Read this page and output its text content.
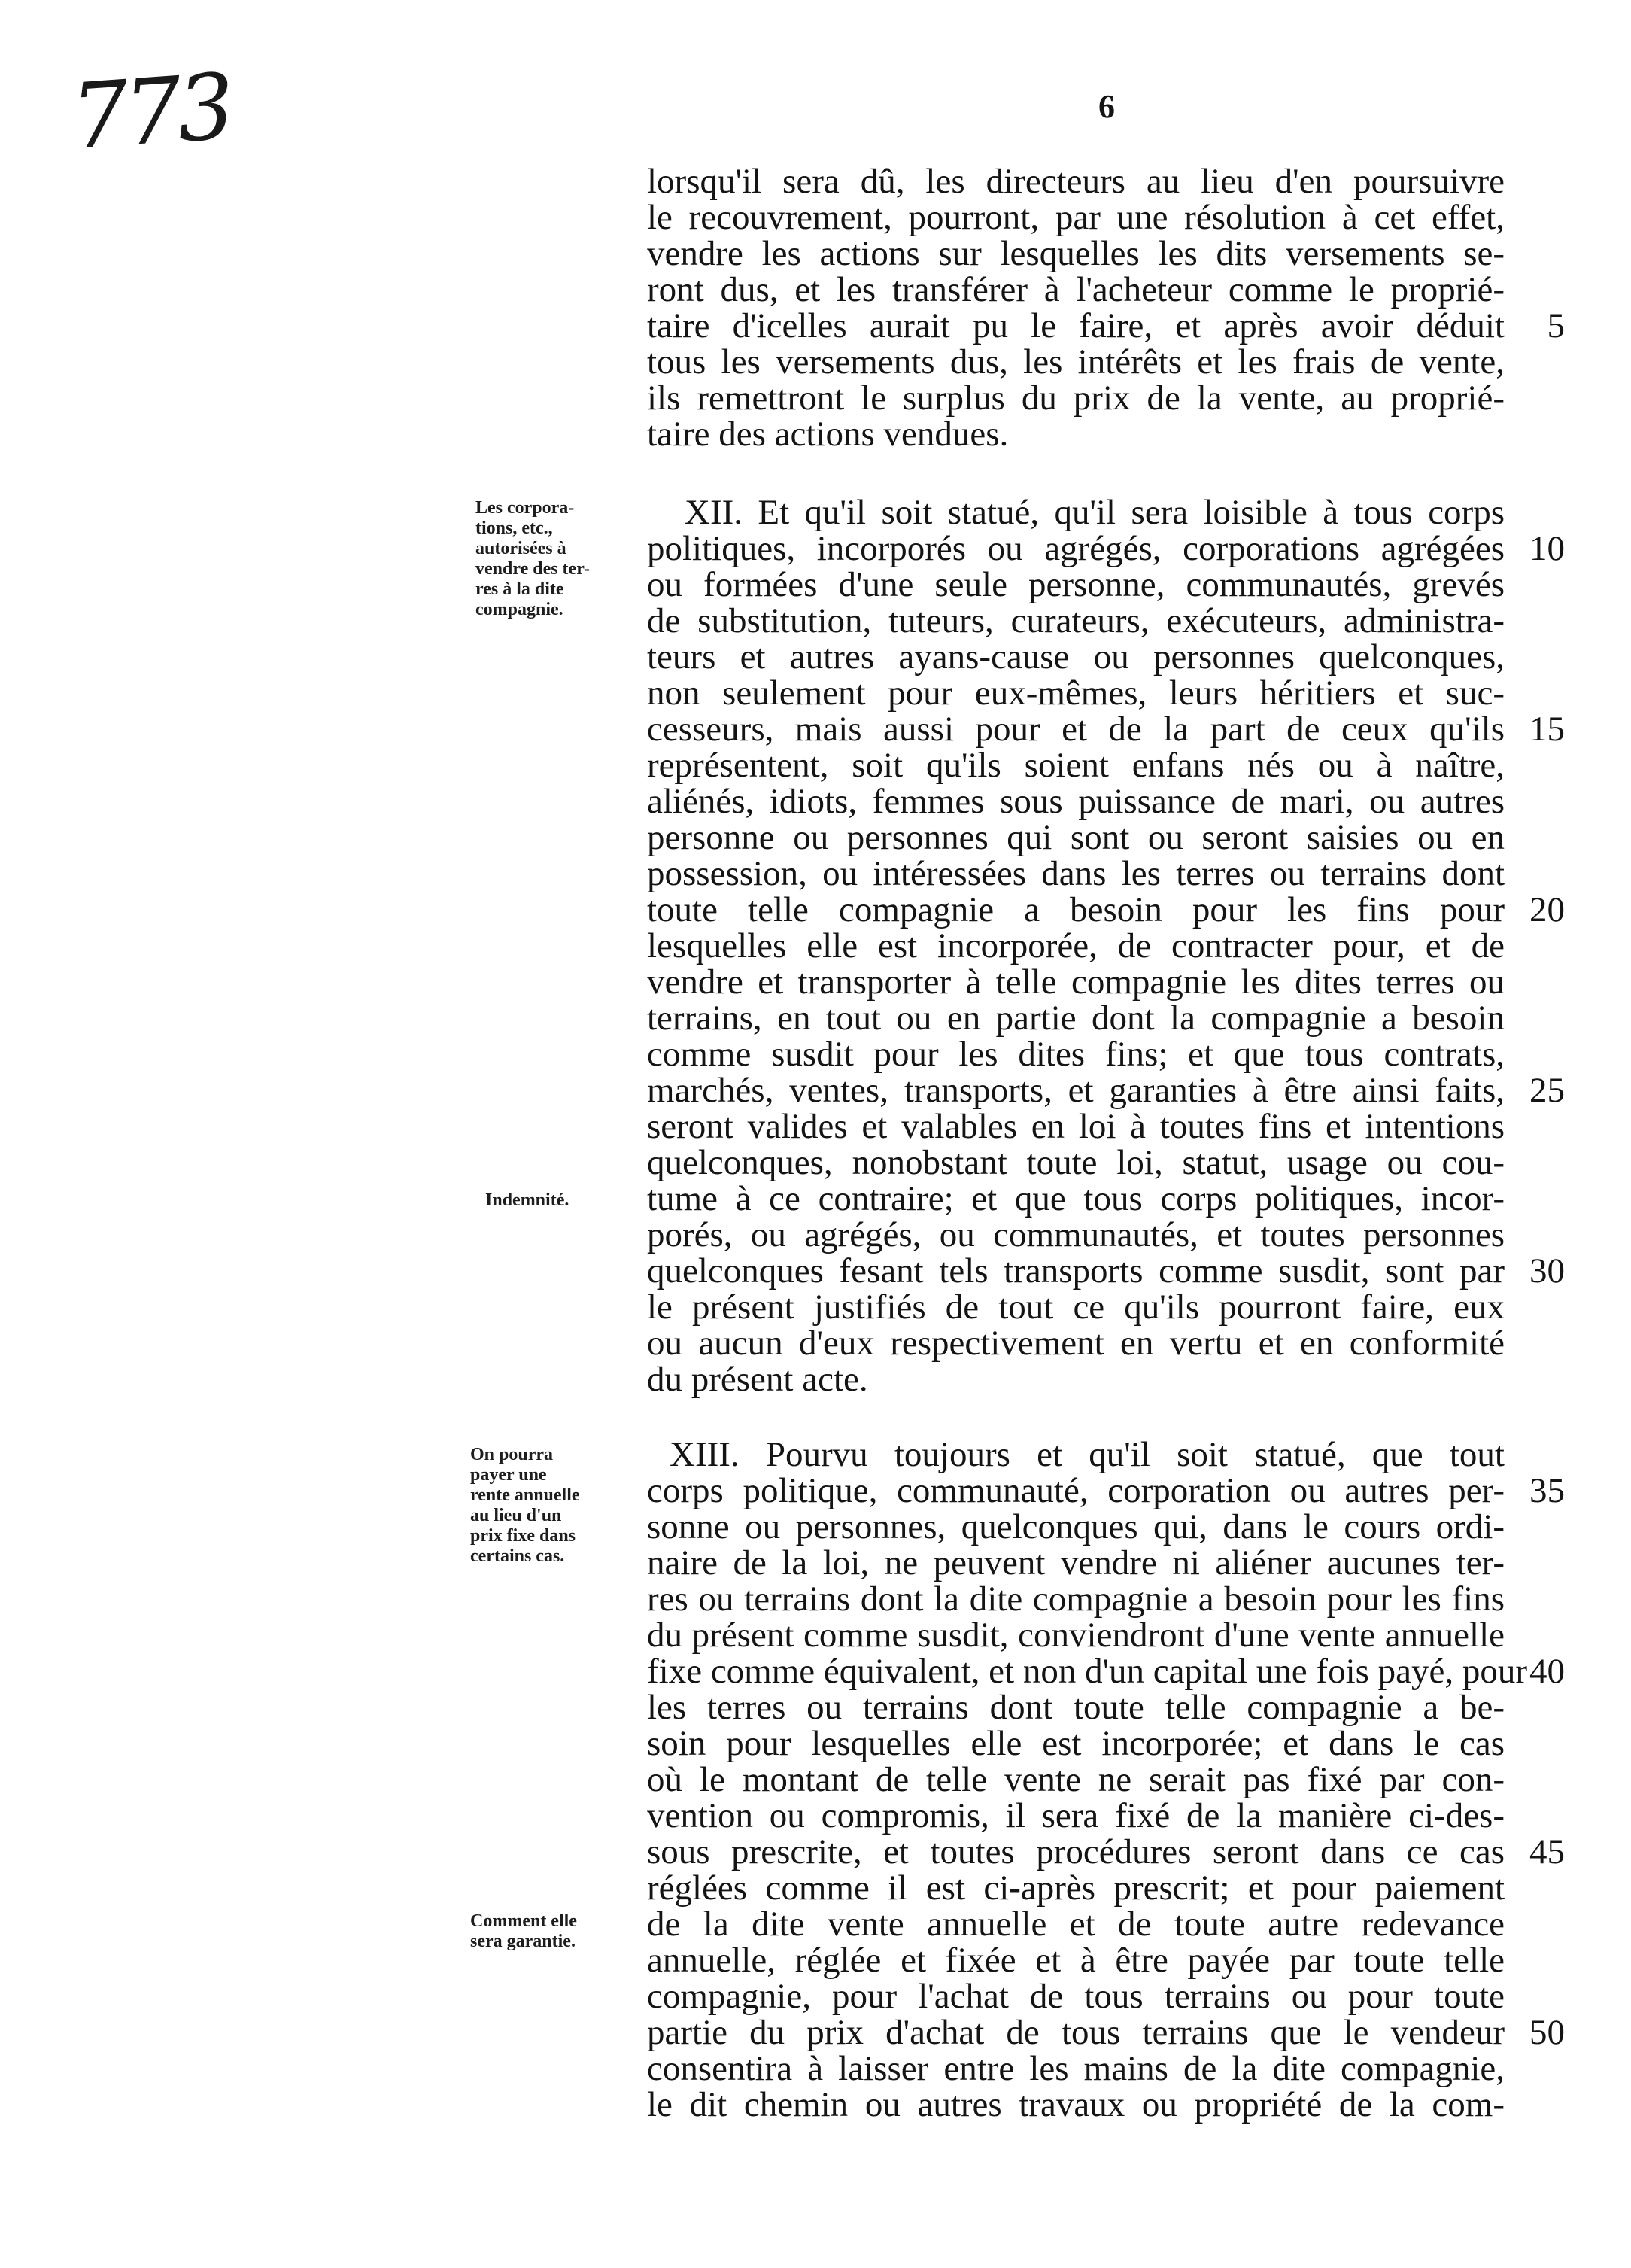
773	6
lorsqu'il sera dû, les directeurs au lieu d'en poursuivre
le recouvrement, pourront, par une résolution à cet effet,
vendre les actions sur lesquelles les dits versements se-
ront dus, et les transférer à l'acheteur comme le proprié-
taire d'icelles aurait pu le faire, et après avoir déduit
tous les versements dus, les intérêts et les frais de vente,
ils remettront le surplus du prix de la vente, au proprié-
taire des actions vendues.
XII. Et qu'il soit statué, qu'il sera loisible à tous corps
politiques, incorporés ou agrégés, corporations agrégées
ou formées d'une seule personne, communautés, grevés
de substitution, tuteurs, curateurs, exécuteurs, administra-
teurs et autres ayans-cause ou personnes quelconques,
non seulement pour eux-mêmes, leurs héritiers et suc-
cesseurs, mais aussi pour et de la part de ceux qu'ils
représentent, soit qu'ils soient enfans nés ou à naître,
aliénés, idiots, femmes sous puissance de mari, ou autres
personne ou personnes qui sont ou seront saisies ou en
possession, ou intéressées dans les terres ou terrains dont
toute telle compagnie a besoin pour les fins pour
lesquelles elle est incorporée, de contracter pour, et de
vendre et transporter à telle compagnie les dites terres ou
terrains, en tout ou en partie dont la compagnie a besoin
comme susdit pour les dites fins; et que tous contrats,
marchés, ventes, transports, et garanties à être ainsi faits,
seront valides et valables en loi à toutes fins et intentions
quelconques, nonobstant toute loi, statut, usage ou cou-
tume à ce contraire; et que tous corps politiques, incor-
porés, ou agrégés, ou communautés, et toutes personnes
quelconques fesant tels transports comme susdit, sont par
le présent justifiés de tout ce qu'ils pourront faire, eux
ou aucun d'eux respectivement en vertu et en conformité
du présent acte.
XIII. Pourvu toujours et qu'il soit statué, que tout
corps politique, communauté, corporation ou autres per-
sonne ou personnes, quelconques qui, dans le cours ordi-
naire de la loi, ne peuvent vendre ni aliéner aucunes ter-
res ou terrains dont la dite compagnie a besoin pour les fins
du présent comme susdit, conviendront d'une vente annuelle
fixe comme équivalent, et non d'un capital une fois payé, pour
les terres ou terrains dont toute telle compagnie a be-
soin pour lesquelles elle est incorporée; et dans le cas
où le montant de telle vente ne serait pas fixé par con-
vention ou compromis, il sera fixé de la manière ci-des-
sous prescrite, et toutes procédures seront dans ce cas
réglées comme il est ci-après prescrit; et pour paiement
de la dite vente annuelle et de toute autre redevance
annuelle, réglée et fixée et à être payée par toute telle
compagnie, pour l'achat de tous terrains ou pour toute
partie du prix d'achat de tous terrains que le vendeur
consentira à laisser entre les mains de la dite compagnie,
le dit chemin ou autres travaux ou propriété de la com-
5
10
15
20
25
30
35
40
45
50
Les corpora-
tions, etc.,
autorisées à
vendre des ter-
res à la dite
compagnie.
Indemnité.
On pourra
payer une
rente annuelle
au lieu d'un
prix fixe dans
certains cas.
Comment elle
sera garantie.
